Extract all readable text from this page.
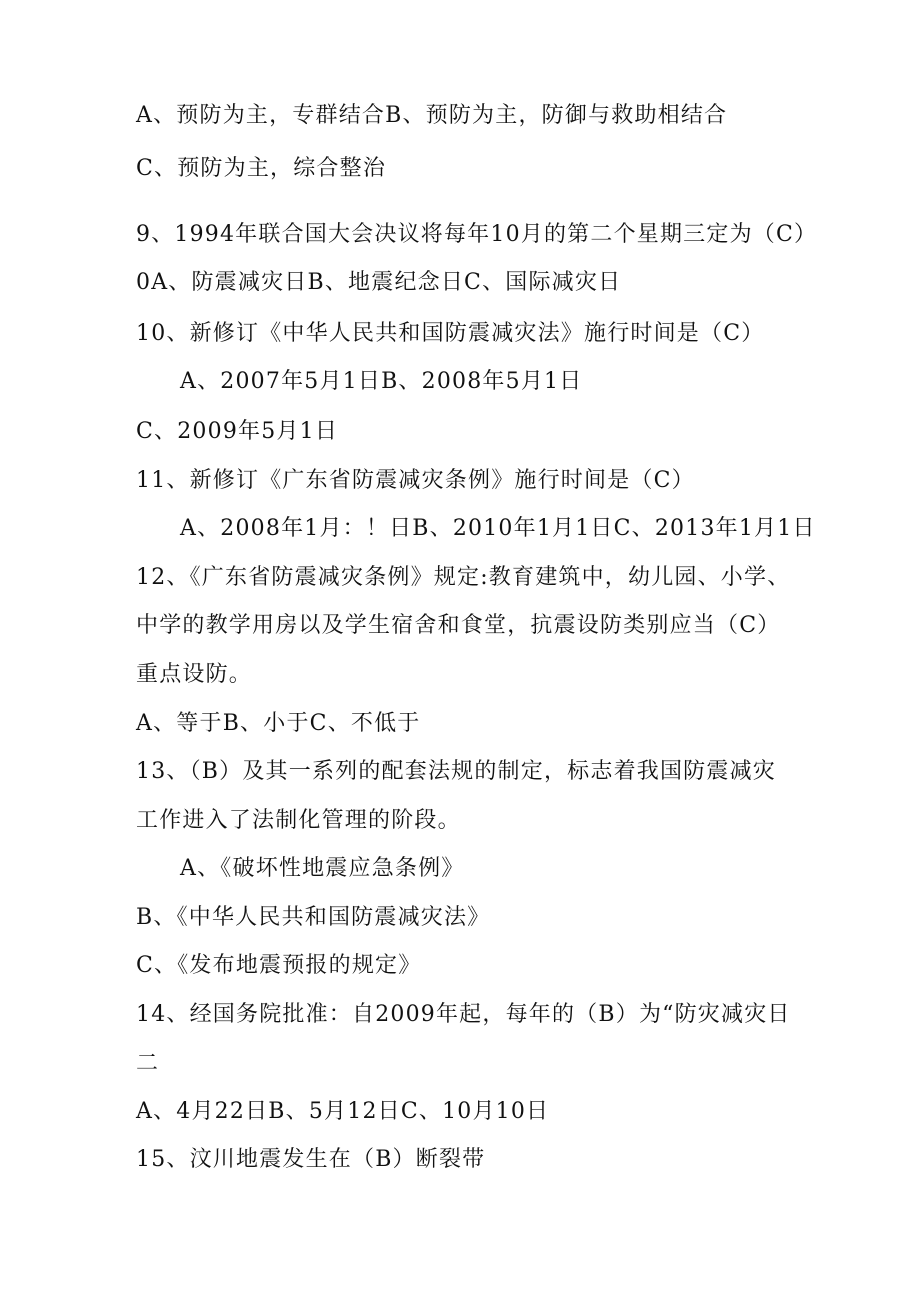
A、预防为主，专群结合B、预防为主，防御与救助相结合
C、预防为主，综合整治
9、1994年联合国大会决议将每年10月的第二个星期三定为（C）
0A、防震减灾日B、地震纪念日C、国际减灾日
10、新修订《中华人民共和国防震减灾法》施行时间是（C）
A、2007年5月1日B、2008年5月1日
C、2009年5月1日
11、新修订《广东省防震减灾条例》施行时间是（C）
A、2008年1月：！日B、2010年1月1日C、2013年1月1日
12、《广东省防震减灾条例》规定:教育建筑中，幼儿园、小学、
中学的教学用房以及学生宿舍和食堂，抗震设防类别应当（C）
重点设防。
A、等于B、小于C、不低于
13、（B）及其一系列的配套法规的制定，标志着我国防震减灾
工作进入了法制化管理的阶段。
A、《破坏性地震应急条例》
B、《中华人民共和国防震减灾法》
C、《发布地震预报的规定》
14、经国务院批准：自2009年起，每年的（B）为“防灾减灾日
二
A、4月22日B、5月12日C、10月10日
15、汶川地震发生在（B）断裂带
